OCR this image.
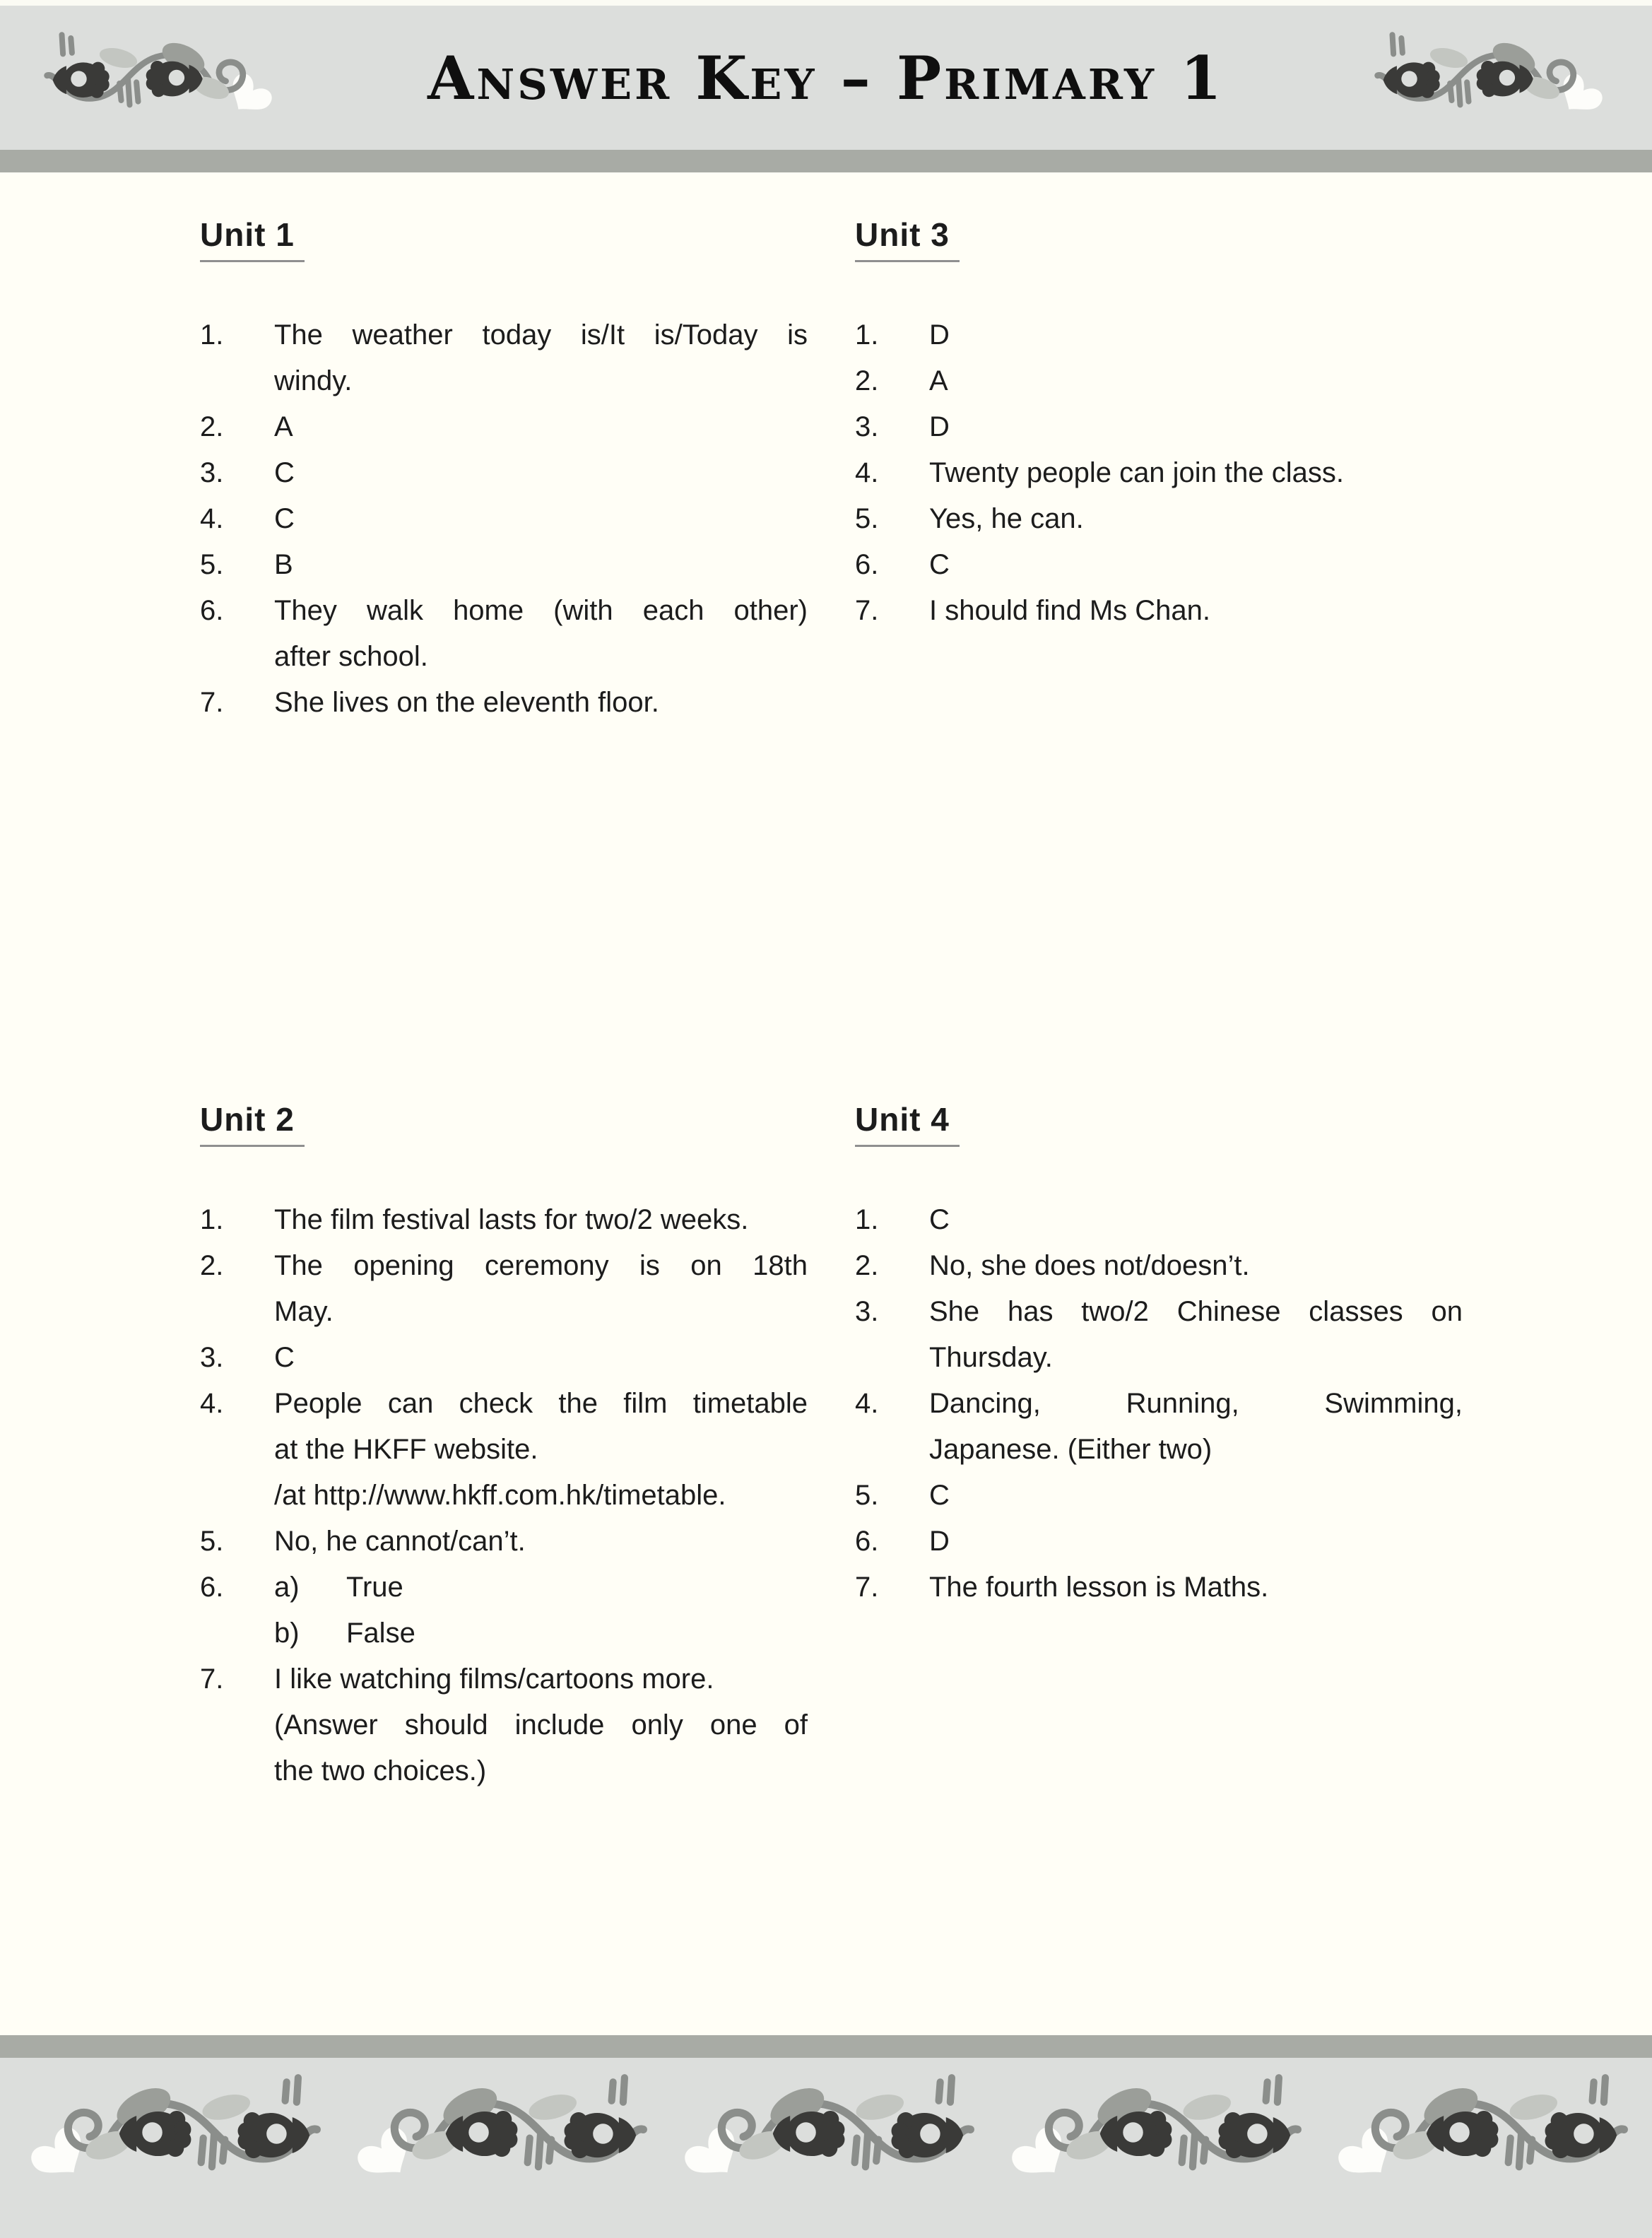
Answer Key – Primary 1
Unit 1
1.	The weather today is/It is/Today is
windy.
2.	A
3.	C
4.	C
5.	B
6.	They walk home (with each other)
after school.
7.	She lives on the eleventh floor.
Unit 3
1.	D
2.	A
3.	D
4.	Twenty people can join the class.
5.	Yes, he can.
6.	C
7.	I should find Ms Chan.
Unit 2
1.	The film festival lasts for two/2 weeks.
2.	The opening ceremony is on 18th
May.
3.	C
4.	People can check the film timetable
at the HKFF website.
/at http://www.hkff.com.hk/timetable.
5.	No, he cannot/can’t.
6.	a)	True
b)	False
7.	I like watching films/cartoons more.
(Answer should include only one of
the two choices.)
Unit 4
1.	C
2.	No, she does not/doesn’t.
3.	She has two/2 Chinese classes on
Thursday.
4.	Dancing, Running, Swimming,
Japanese. (Either two)
5.	C
6.	D
7.	The fourth lesson is Maths.
